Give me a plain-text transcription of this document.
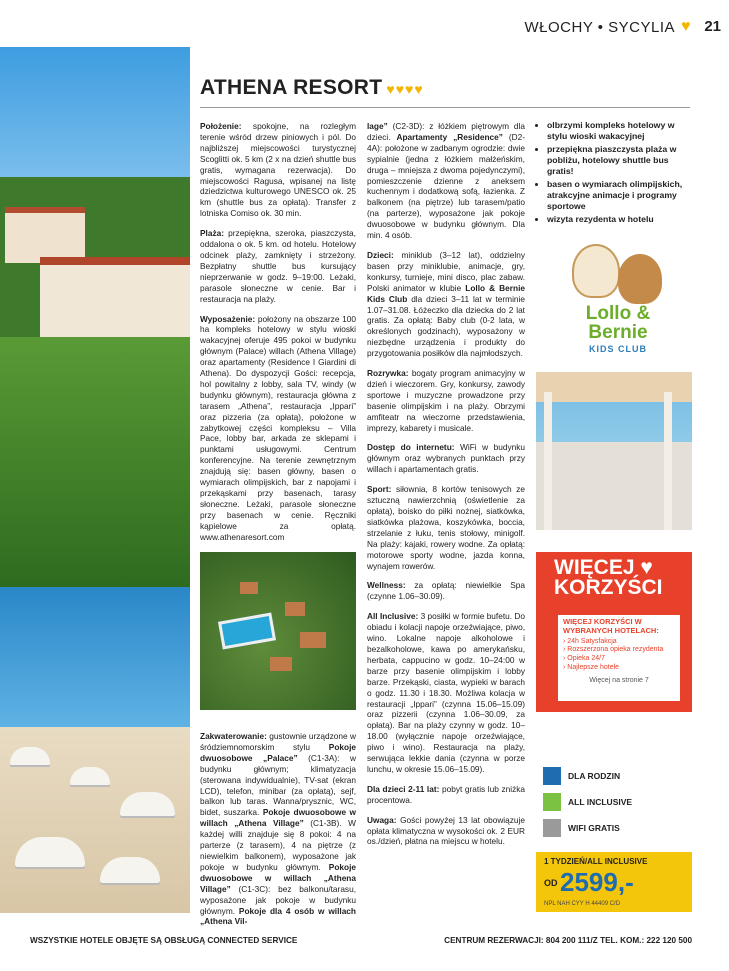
WŁOCHY • SYCYLIA ♥ 21
ATHENA RESORT ♥♥♥♥

Położenie: spokojne, na rozległym terenie wśród drzew piniowych i pól. Do najbliższej miejscowości turystycznej Scoglitti ok. 5 km (2 x na dzień shuttle bus gratis, wymagana rezerwacja). Do miejscowości Ragusa, wpisanej na listę dziedzictwa kulturowego UNESCO ok. 25 km (shuttle bus za opłatą). Transfer z lotniska Comiso ok. 30 min.

Plaża: przepiękna, szeroka, piaszczysta, oddalona o ok. 5 km. od hotelu. Hotelowy odcinek plaży, zamknięty i strzeżony. Bezpłatny shuttle bus kursujący nieprzerwanie w godz. 9–19:00. Leżaki, parasole słoneczne w cenie. Bar i restauracja na plaży.

Wyposażenie: położony na obszarze 100 ha kompleks hotelowy w stylu wioski wakacyjnej oferuje 495 pokoi w budynku głównym (Palace) willach (Athena Village) oraz apartamenty (Residence I Giardini di Athena). Do dyspozycji Gości: recepcja, hol powitalny z lobby, sala TV, windy (w budynku głównym), restauracja główna z tarasem „Athena”, restauracja „Ippari” oraz pizzeria (za opłatą), położone w zabytkowej części kompleksu – Villa Pace, lobby bar, arkada ze sklepami i punktami usługowymi. Centrum konferencyjne. Na terenie zewnętrznym znajdują się: basen główny, basen o wymiarach olimpijskich, bar z napojami i przekąskami przy basenach, tarasy słoneczne. Leżaki, parasole słoneczne przy basenach w cenie. Ręczniki kąpielowe za opłatą. www.athenaresort.com

Zakwaterowanie: gustownie urządzone w śródziemnomorskim stylu Pokoje dwuosobowe „Palace” (C1-3A): w budynku głównym; klimatyzacja (sterowana indywidualnie), TV-sat (ekran LCD), telefon, minibar (za opłatą), sejf, balkon lub taras. Wanna/prysznic, WC, bidet, suszarka. Pokoje dwuosobowe w willach „Athena Village” (C1-3B). W każdej willi znajduje się 8 pokoi: 4 na parterze (z tarasem), 4 na piętrze (z niewielkim balkonem), wyposażone jak pokoje w budynku głównym. Pokoje dwuosobowe w willach „Athena Village” (C1-3C): bez balkonu/tarasu, wyposażone jak pokoje w budynku głównym. Pokoje dla 4 osób w willach „Athena Vil-

lage” (C2-3D): z łóżkiem piętrowym dla dzieci. Apartamenty „Residence” (D2-4A): położone w zadbanym ogrodzie: dwie sypialnie (jedna z łóżkiem małżeńskim, druga – mniejsza z dwoma pojedynczymi), pomieszczenie dzienne z aneksem kuchennym i dodatkową sofą, łazienka. Z balkonem (na piętrze) lub tarasem/patio (na parterze), wyposażone jak pokoje dwuosobowe w budynku głównym. Dla min. 4 osób.

Dzieci: miniklub (3–12 lat), oddzielny basen przy miniklubie, animacje, gry, konkursy, turnieje, mini disco, plac zabaw. Polski animator w klubie Lollo & Bernie Kids Club dla dzieci 3–11 lat w terminie 1.07–31.08. Łóżeczko dla dziecka do 2 lat gratis. Za opłatą: Baby club (0-2 lata, w określonych godzinach), wyposażony w niezbędne urządzenia i produkty do przygotowania posiłków dla najmłodszych.

Rozrywka: bogaty program animacyjny w dzień i wieczorem. Gry, konkursy, zawody sportowe i muzyczne prowadzone przy basenie olimpijskim i na plaży. Obrzymi amfiteatr na wieczorne przedstawienia, imprezy, kabarety i musicale.

Dostęp do internetu: WiFi w budynku głównym oraz wybranych punktach przy willach i apartamentach gratis.

Sport: siłownia, 8 kortów tenisowych ze sztuczną nawierzchnią (oświetlenie za opłatą), boisko do piłki nożnej, siatkówka, siatkówka plażowa, koszykówka, boccia, strzelanie z łuku, tenis stołowy, minigolf. Na plaży: kajaki, rowery wodne. Za opłatą: motorowe sporty wodne, jazda konna, wynajem rowerów.

Wellness: za opłatą: niewielkie Spa (czynne 1.06–30.09).

All Inclusive: 3 posiłki w formie bufetu. Do obiadu i kolacji napoje orzeźwiające, piwo, wino. Lokalne napoje alkoholowe i bezalkoholowe, kawa po amerykańsku, herbata, cappucino w godz. 10–24:00 w barze przy basenie olimpijskim i lobby barze. Przekąski, ciasta, wypieki w barach o godz. 11.30 i 18.30. Możliwa kolacja w restauracji „Ippari” (czynna 15.06–15.09) oraz pizzerii (czynna 1.06–30.09, za opłatą). Bar na plaży czynny w godz. 10–18.00 (wyłącznie napoje orzeźwiające, piwo i wino). Restauracja na plaży, serwująca lekkie dania (czynna w porze lunchu, w okresie 15.06–15.09).

Dla dzieci 2-11 lat: pobyt gratis lub zniżka procentowa.

Uwaga: Gości powyżej 13 lat obowiązuje opłata klimatyczna w wysokości ok. 2 EUR os./dzień, płatna na miejscu w hotelu.

• olbrzymi kompleks hotelowy w stylu wioski wakacyjnej
• przepiękna piaszczysta plaża w pobliżu, hotelowy shuttle bus gratis!
• basen o wymiarach olimpijskich, atrakcyjne animacje i programy sportowe
• wizyta rezydenta w hotelu
Lollo &
Bernie
KIDS CLUB
WIĘCEJ ♥
KORZYŚCI
WIĘCEJ KORZYŚCI W WYBRANYCH HOTELACH:
› 24h Satysfakcja
› Rozszerzona opieka rezydenta
› Opieka 24/7
› Najlepsze hotele
Więcej na stronie 7
DLA RODZIN
ALL INCLUSIVE
WIFI GRATIS
1 TYDZIEŃ/ALL INCLUSIVE
OD 2599,-
NPL NAH CYY H 44409 C/D
WSZYSTKIE HOTELE OBJĘTE SĄ OBSŁUGĄ CONNECTED SERVICE	CENTRUM REZERWACJI: 804 200 111/Z TEL. KOM.: 222 120 500
